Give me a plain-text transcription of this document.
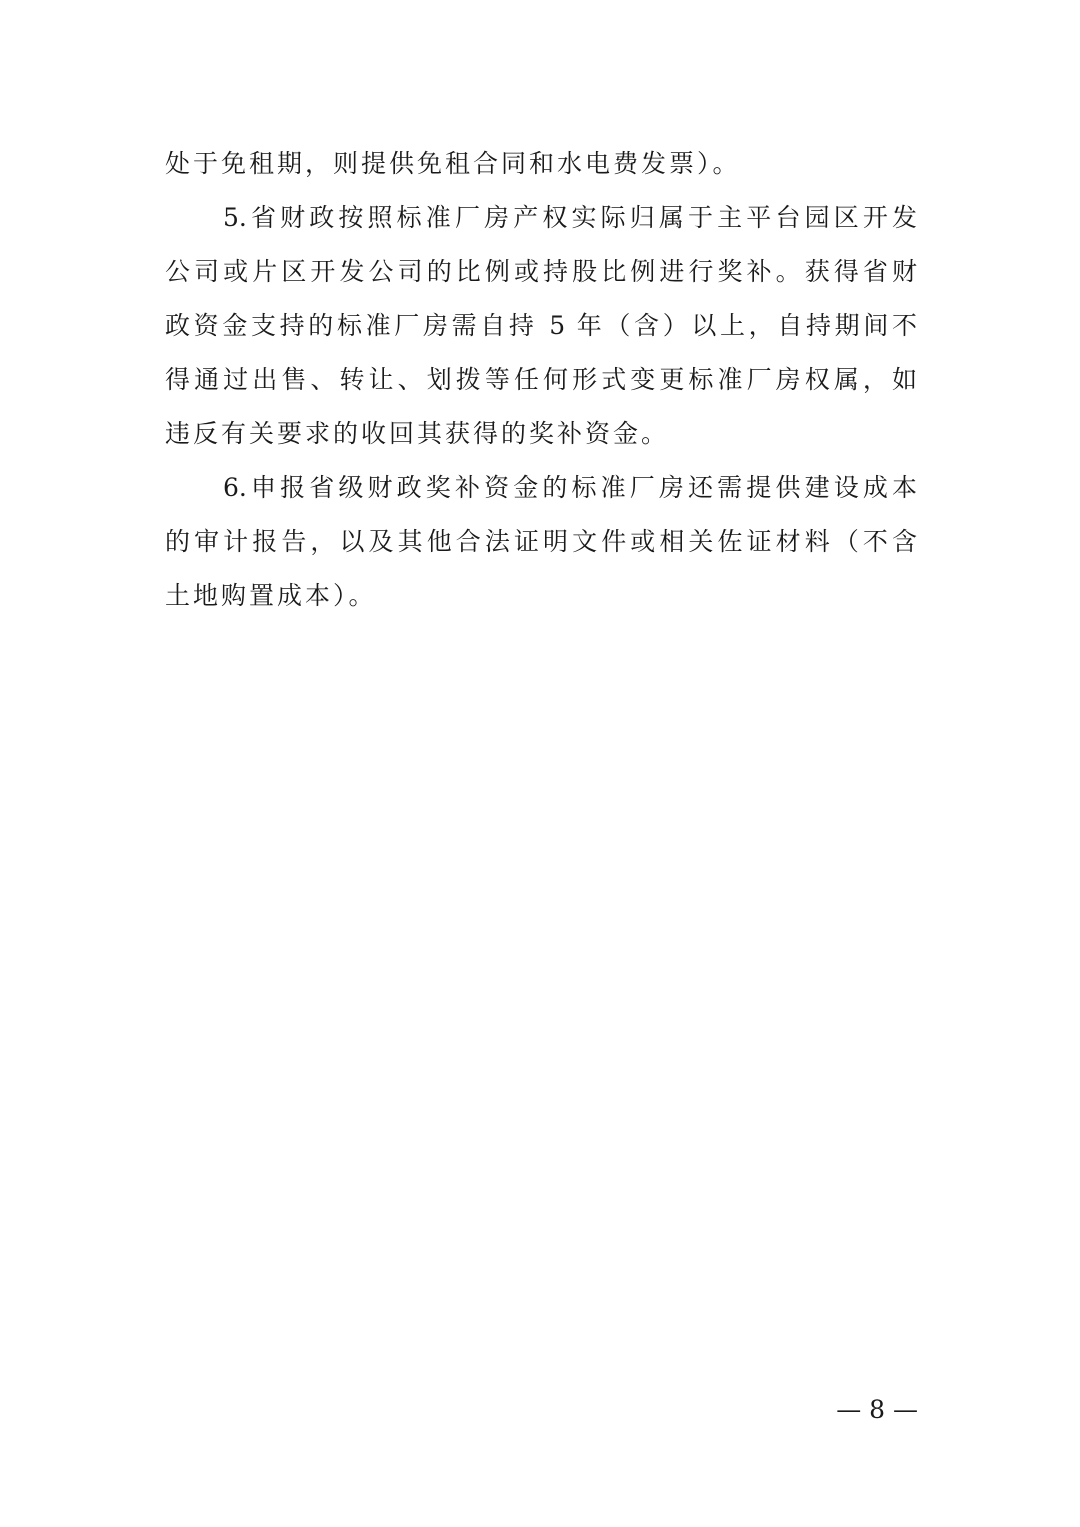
处于免租期，则提供免租合同和水电费发票）。
5.省财政按照标准厂房产权实际归属于主平台园区开发
公司或片区开发公司的比例或持股比例进行奖补。获得省财
政资金支持的标准厂房需自持 5 年（含）以上，自持期间不
得通过出售、转让、划拨等任何形式变更标准厂房权属，如
违反有关要求的收回其获得的奖补资金。
6.申报省级财政奖补资金的标准厂房还需提供建设成本
的审计报告，以及其他合法证明文件或相关佐证材料（不含
土地购置成本）。
— 8 —
